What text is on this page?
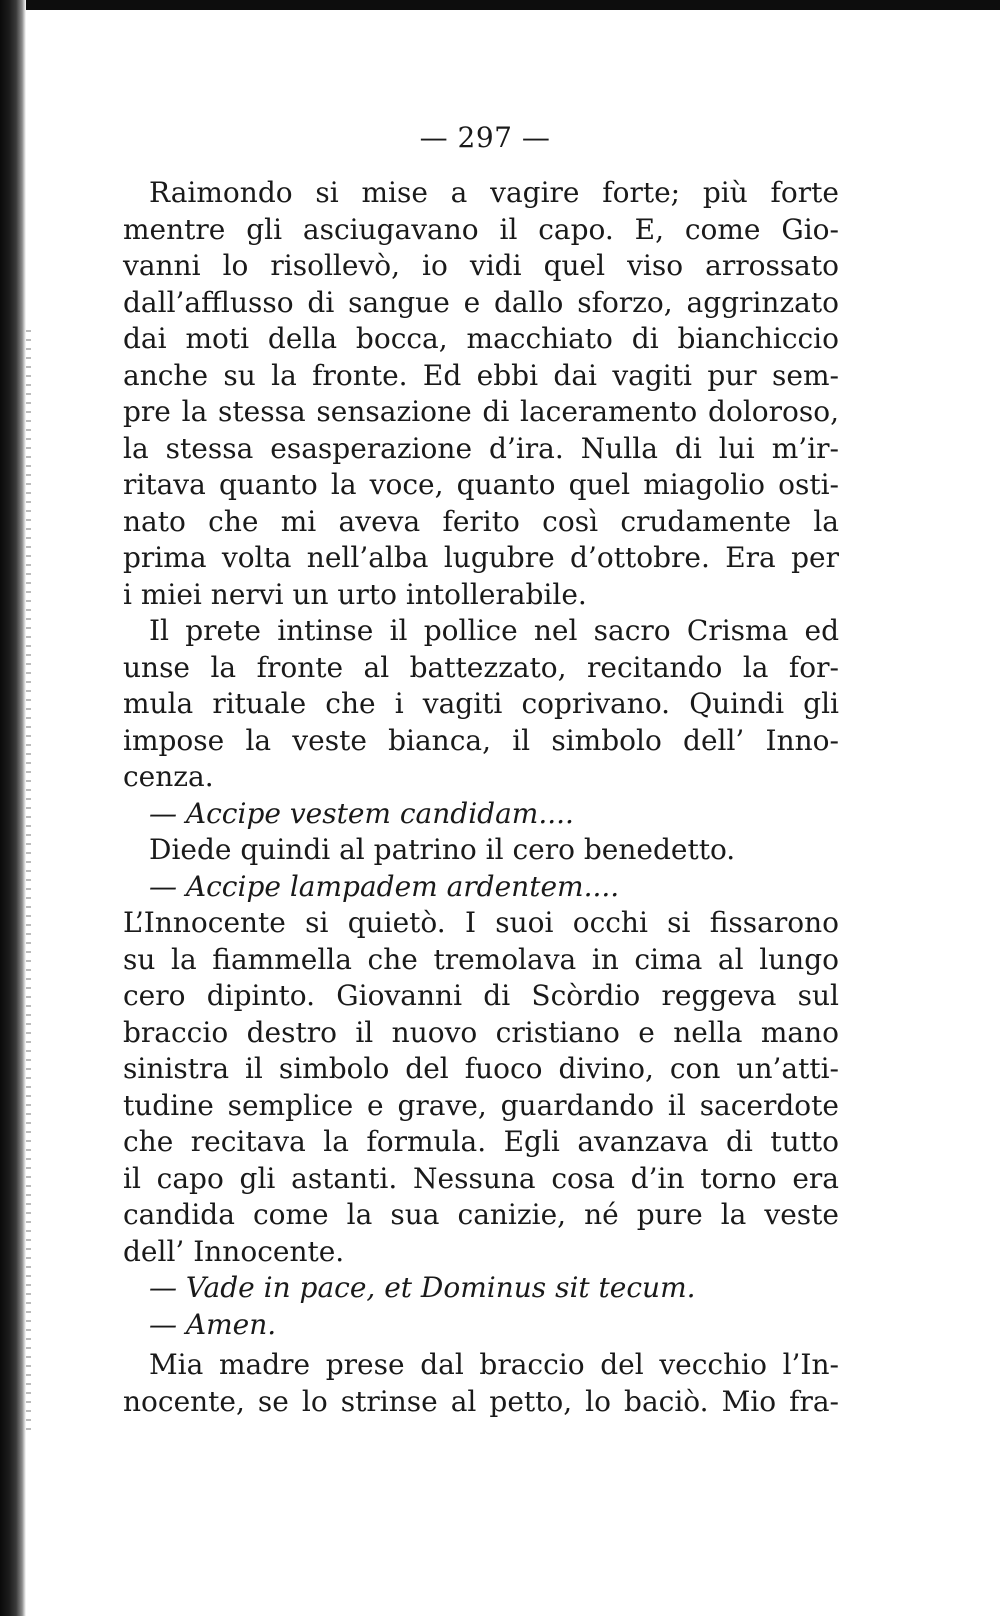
— 297 —
Raimondo si mise a vagire forte; più forte
mentre gli asciugavano il capo. E, come Gio-
vanni lo risollevò, io vidi quel viso arrossato
dall’afflusso di sangue e dallo sforzo, aggrinzato
dai moti della bocca, macchiato di bianchiccio
anche su la fronte. Ed ebbi dai vagiti pur sem-
pre la stessa sensazione di laceramento doloroso,
la stessa esasperazione d’ira. Nulla di lui m’ir-
ritava quanto la voce, quanto quel miagolio osti-
nato che mi aveva ferito così crudamente la
prima volta nell’alba lugubre d’ottobre. Era per
i miei nervi un urto intollerabile.
Il prete intinse il pollice nel sacro Crisma ed
unse la fronte al battezzato, recitando la for-
mula rituale che i vagiti coprivano. Quindi gli
impose la veste bianca, il simbolo dell’ Inno-
cenza.
— Accipe vestem candidam....
Diede quindi al patrino il cero benedetto.
— Accipe lampadem ardentem....
L’Innocente si quietò. I suoi occhi si fissarono
su la fiammella che tremolava in cima al lungo
cero dipinto. Giovanni di Scòrdio reggeva sul
braccio destro il nuovo cristiano e nella mano
sinistra il simbolo del fuoco divino, con un’atti-
tudine semplice e grave, guardando il sacerdote
che recitava la formula. Egli avanzava di tutto
il capo gli astanti. Nessuna cosa d’in torno era
candida come la sua canizie, né pure la veste
dell’ Innocente.
— Vade in pace, et Dominus sit tecum.
— Amen.
Mia madre prese dal braccio del vecchio l’In-
nocente, se lo strinse al petto, lo baciò. Mio fra-
